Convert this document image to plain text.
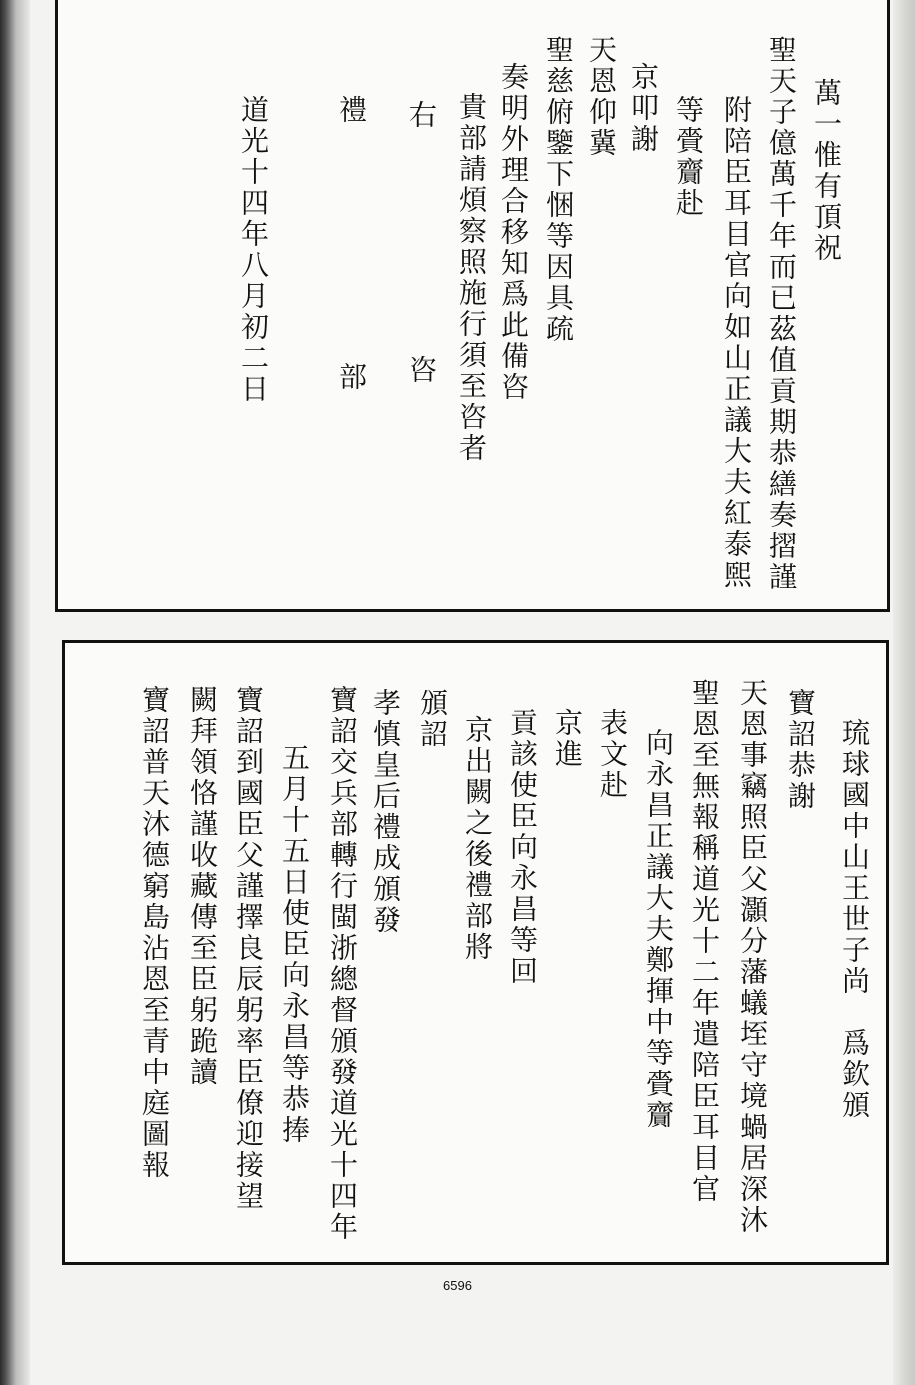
萬一惟有頂祝
聖天子億萬千年而已茲值貢期恭繕奏摺謹
附陪臣耳目官向如山正議大夫紅泰煕
等賫齎赴
京叩謝
天恩仰冀
聖慈俯鑒下悃等因具疏
奏明外理合移知爲此備咨
貴部請煩察照施行須至咨者
右
咨
禮
部
道光十四年八月初二日
琉球國中山王世子尚　爲欽頒
寶詔恭謝
天恩事竊照臣父灝分藩蟻垤守境蝸居深沐
聖恩至無報稱道光十二年遣陪臣耳目官
向永昌正議大夫鄭揮中等賫齎
表文赴
京進
貢該使臣向永昌等回
京出闕之後禮部將
頒詔
孝慎皇后禮成頒發
寶詔交兵部轉行閩浙總督頒發道光十四年
五月十五日使臣向永昌等恭捧
寶詔到國臣父謹擇良辰躬率臣僚迎接望
闕拜領恪謹收藏傳至臣躬跪讀
寶詔普天沐德窮島沾恩至青中庭圖報
6596
